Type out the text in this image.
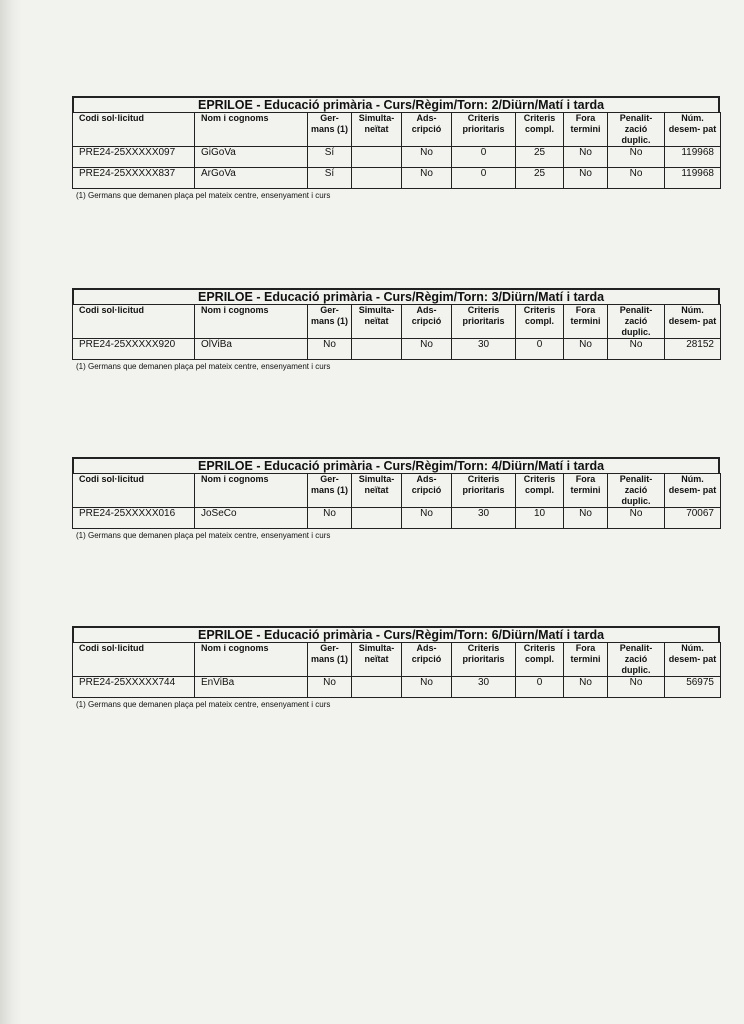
EPRILOE - Educació primària - Curs/Règim/Torn: 2/Diürn/Matí i tarda
Codi sol·licitud	Nom i cognoms	Ger- mans (1)	Simulta- neïtat	Ads- cripció	Criteris prioritaris	Criteris compl.	Fora termini	Penalit- zació duplic.	Núm. desem- pat
PRE24-25XXXXX097	GiGoVa	Sí		No	0	25	No	No	119968
PRE24-25XXXXX837	ArGoVa	Sí		No	0	25	No	No	119968
(1) Germans que demanen plaça pel mateix centre, ensenyament i curs
EPRILOE - Educació primària - Curs/Règim/Torn: 3/Diürn/Matí i tarda
Codi sol·licitud	Nom i cognoms	Ger- mans (1)	Simulta- neïtat	Ads- cripció	Criteris prioritaris	Criteris compl.	Fora termini	Penalit- zació duplic.	Núm. desem- pat
PRE24-25XXXXX920	OlViBa	No		No	30	0	No	No	28152
(1) Germans que demanen plaça pel mateix centre, ensenyament i curs
EPRILOE - Educació primària - Curs/Règim/Torn: 4/Diürn/Matí i tarda
Codi sol·licitud	Nom i cognoms	Ger- mans (1)	Simulta- neïtat	Ads- cripció	Criteris prioritaris	Criteris compl.	Fora termini	Penalit- zació duplic.	Núm. desem- pat
PRE24-25XXXXX016	JoSeCo	No		No	30	10	No	No	70067
(1) Germans que demanen plaça pel mateix centre, ensenyament i curs
EPRILOE - Educació primària - Curs/Règim/Torn: 6/Diürn/Matí i tarda
Codi sol·licitud	Nom i cognoms	Ger- mans (1)	Simulta- neïtat	Ads- cripció	Criteris prioritaris	Criteris compl.	Fora termini	Penalit- zació duplic.	Núm. desem- pat
PRE24-25XXXXX744	EnViBa	No		No	30	0	No	No	56975
(1) Germans que demanen plaça pel mateix centre, ensenyament i curs
